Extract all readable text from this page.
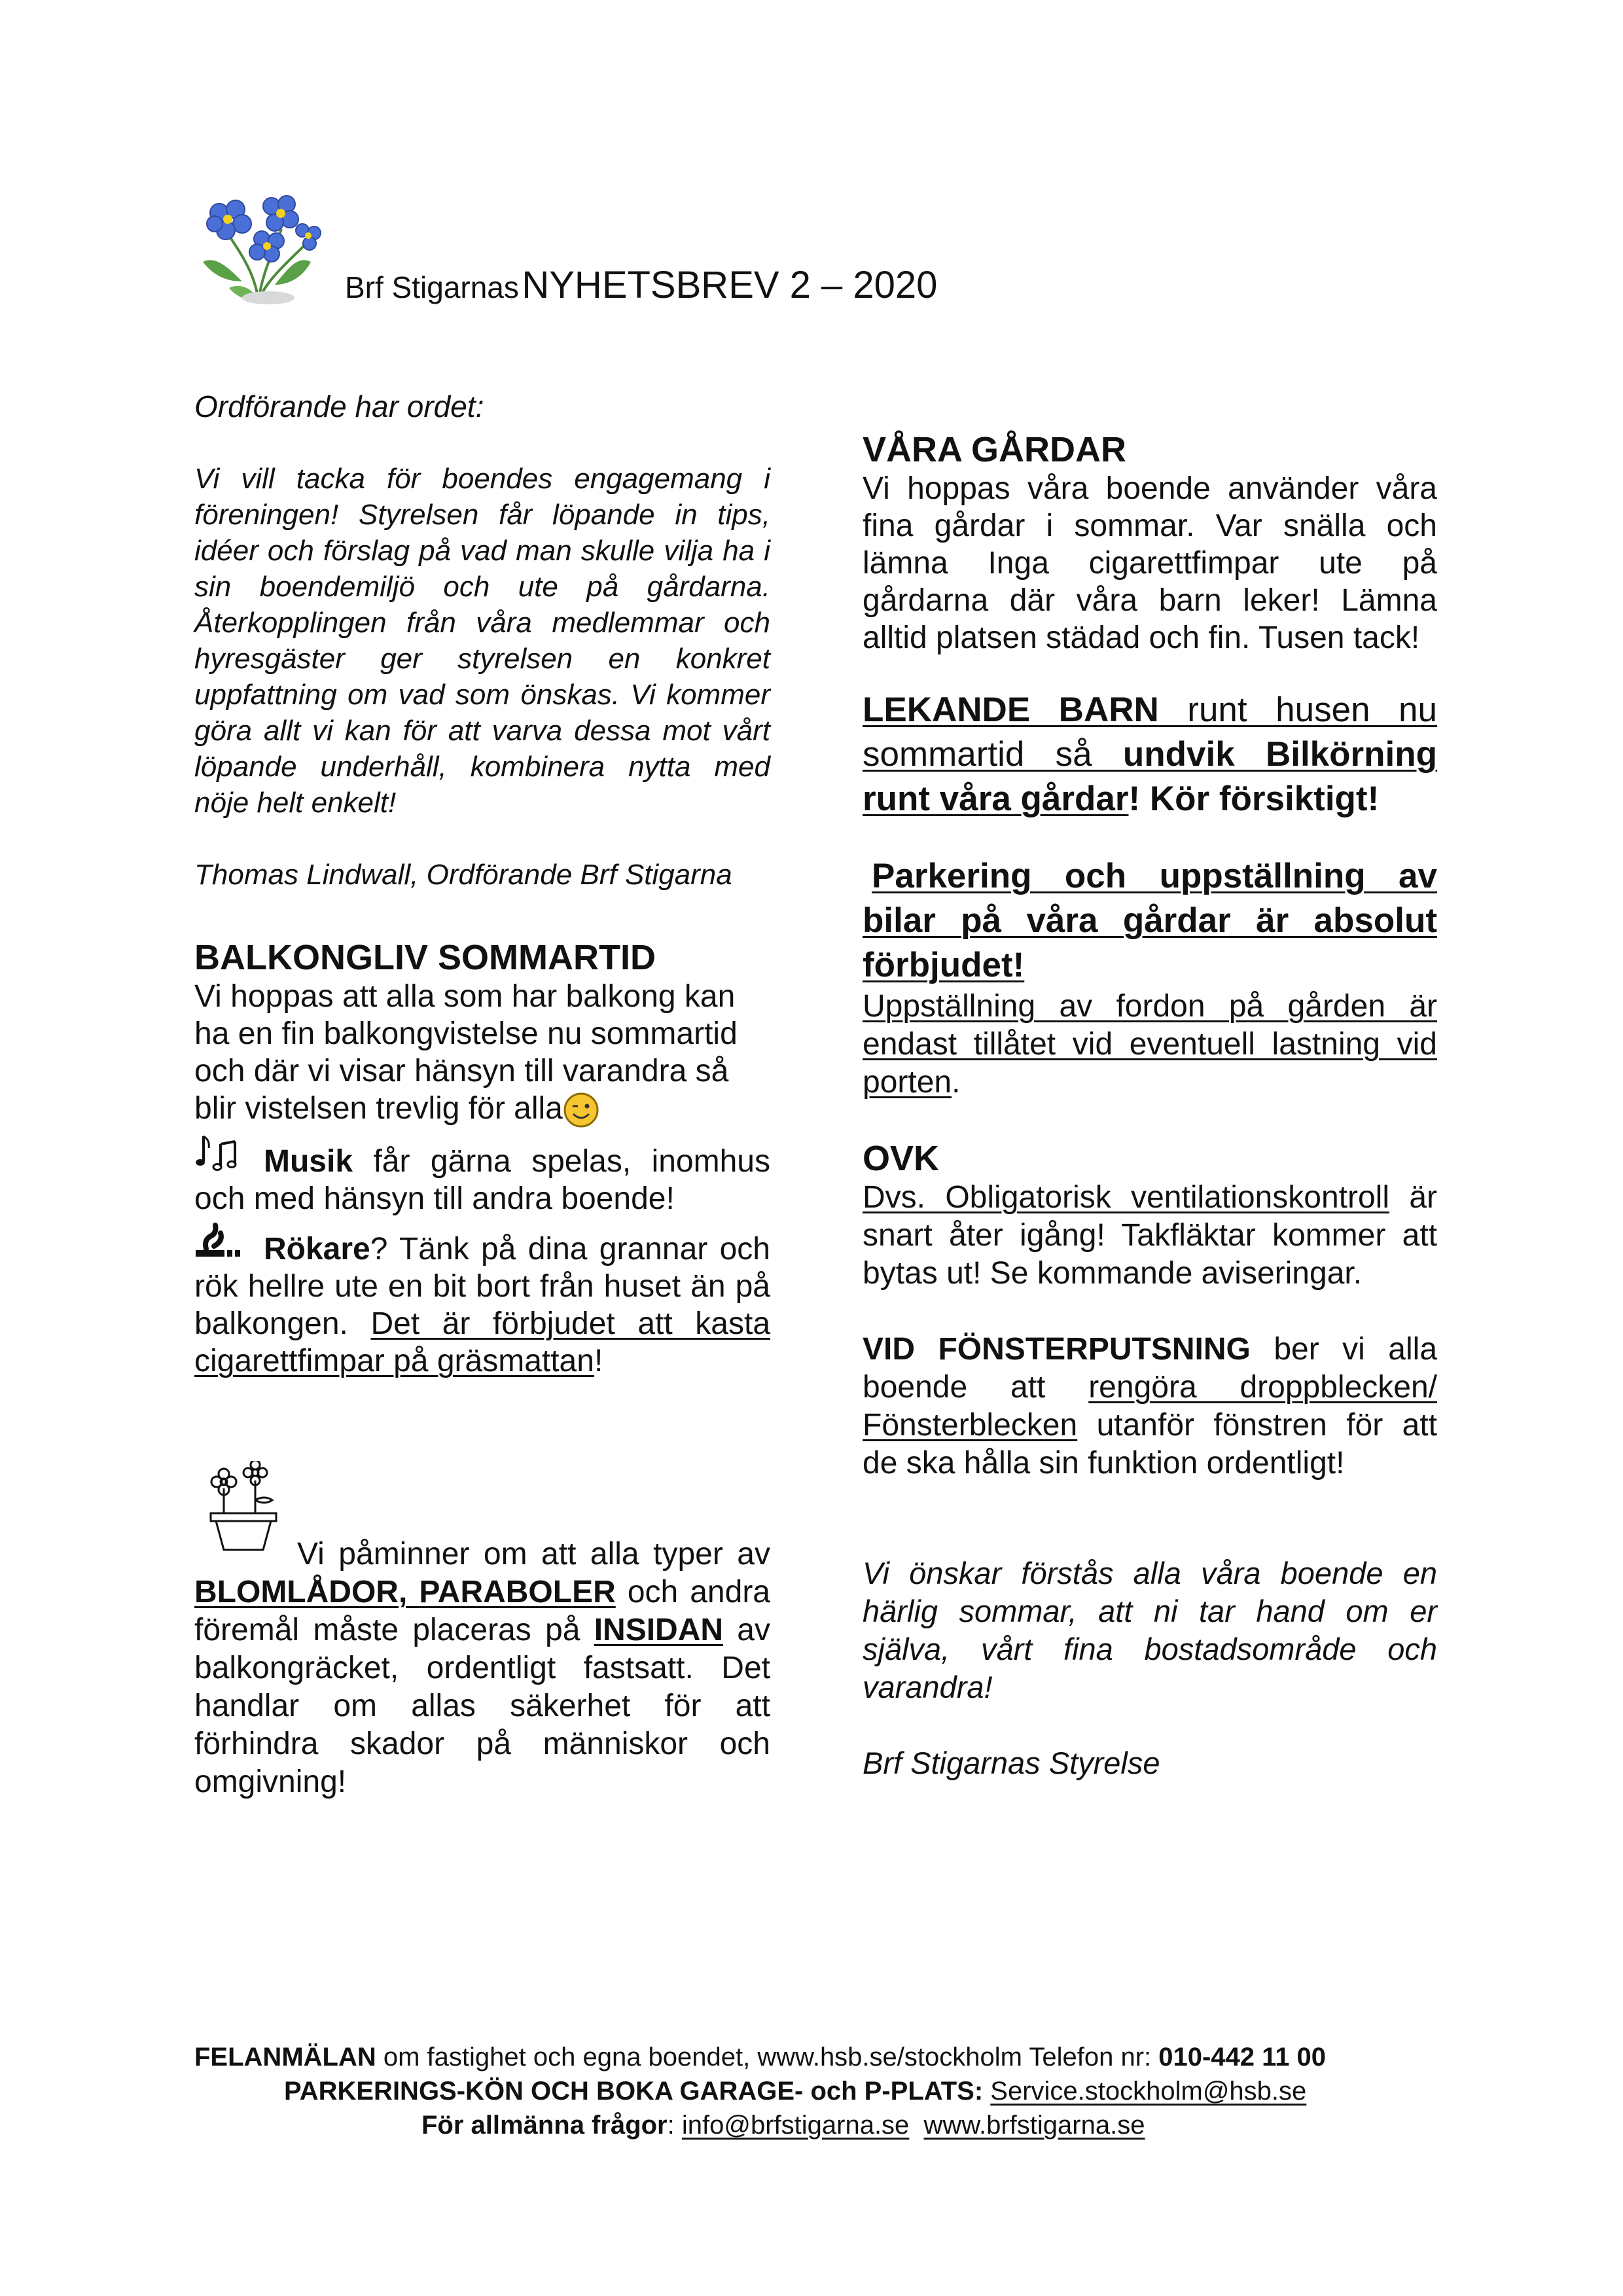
Brf Stigarnas NYHETSBREV 2 – 2020

Ordförande har ordet:

Vi vill tacka för boendes engagemang i föreningen! Styrelsen får löpande in tips, idéer och förslag på vad man skulle vilja ha i sin boendemiljö och ute på gårdarna. Återkopplingen från våra medlemmar och hyresgäster ger styrelsen en konkret uppfattning om vad som önskas. Vi kommer göra allt vi kan för att varva dessa mot vårt löpande underhåll, kombinera nytta med nöje helt enkelt!

Thomas Lindwall, Ordförande Brf Stigarna

BALKONGLIV SOMMARTID

Vi hoppas att alla som har balkong kan ha en fin balkongvistelse nu sommartid och där vi visar hänsyn till varandra så blir vistelsen trevlig för alla

Musik får gärna spelas, inomhus och med hänsyn till andra boende!

Rökare? Tänk på dina grannar och rök hellre ute en bit bort från huset än på balkongen. Det är förbjudet att kasta cigarettfimpar på gräsmattan!

Vi påminner om att alla typer av BLOMLÅDOR, PARABOLER och andra föremål måste placeras på INSIDAN av balkongräcket, ordentligt fastsatt. Det handlar om allas säkerhet för att förhindra skador på människor och omgivning!

VÅRA GÅRDAR

Vi hoppas våra boende använder våra fina gårdar i sommar. Var snälla och lämna Inga cigarettfimpar ute på gårdarna där våra barn leker! Lämna alltid platsen städad och fin. Tusen tack!

LEKANDE BARN runt husen nu sommartid så undvik Bilkörning runt våra gårdar! Kör försiktigt!

Parkering och uppställning av bilar på våra gårdar är absolut förbjudet!

Uppställning av fordon på gården är endast tillåtet vid eventuell lastning vid porten.

OVK

Dvs. Obligatorisk ventilationskontroll är snart åter igång! Takfläktar kommer att bytas ut! Se kommande aviseringar.

VID FÖNSTERPUTSNING ber vi alla boende att rengöra droppblecken/ Fönsterblecken utanför fönstren för att de ska hålla sin funktion ordentligt!

Vi önskar förstås alla våra boende en härlig sommar, att ni tar hand om er själva, vårt fina bostadsområde och varandra!

Brf Stigarnas Styrelse

FELANMÄLAN om fastighet och egna boendet, www.hsb.se/stockholm Telefon nr: 010-442 11 00
PARKERINGS-KÖN OCH BOKA GARAGE- och P-PLATS: Service.stockholm@hsb.se
För allmänna frågor: info@brfstigarna.se www.brfstigarna.se
